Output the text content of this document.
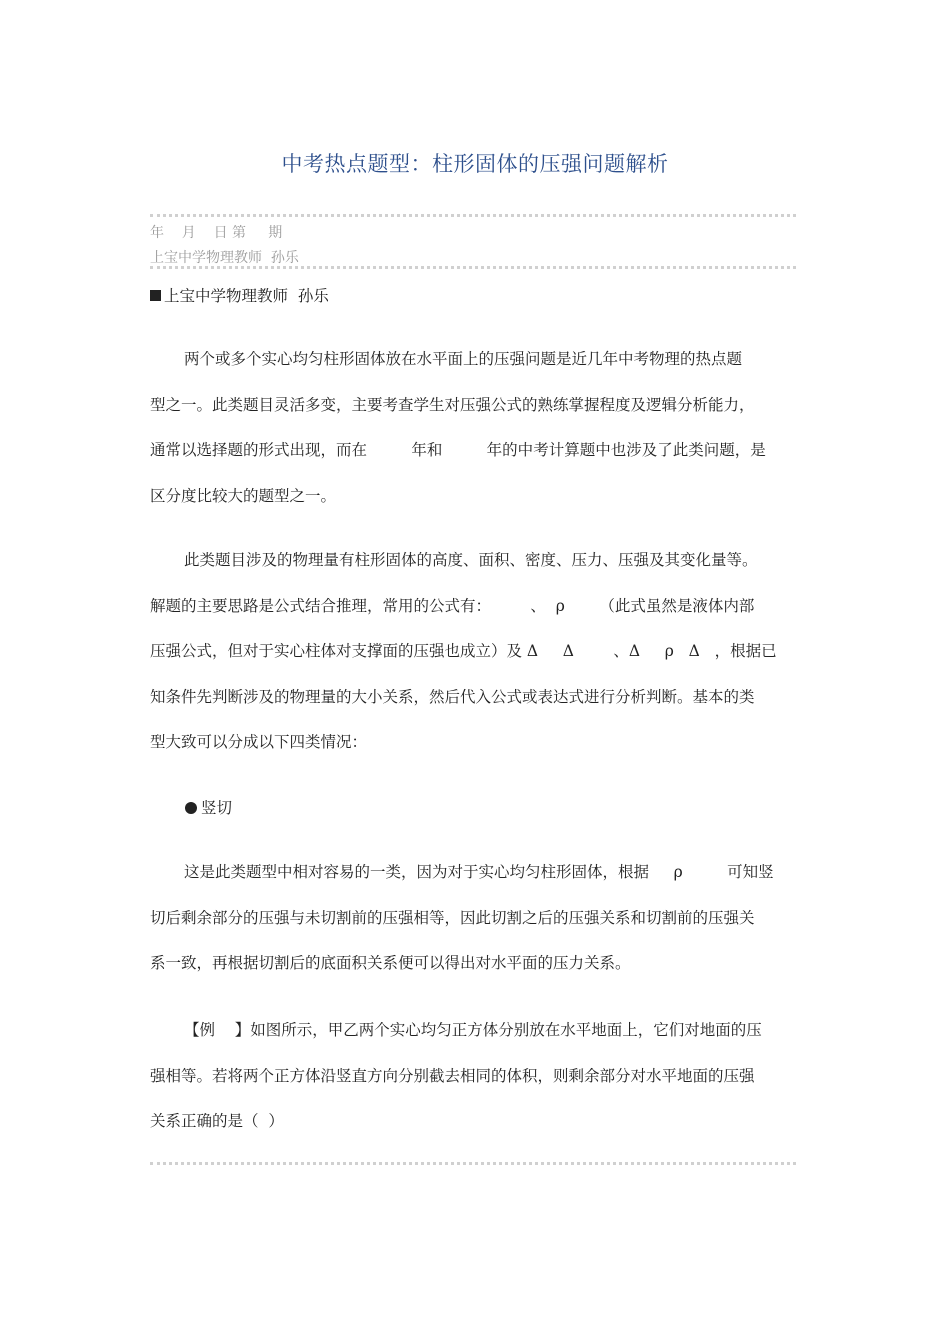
中考热点题型：柱形固体的压强问题解析
年    月    日 第     期
上宝中学物理教师  孙乐
上宝中学物理教师  孙乐
两个或多个实心均匀柱形固体放在水平面上的压强问题是近几年中考物理的热点题
型之一。此类题目灵活多变，主要考查学生对压强公式的熟练掌握程度及逻辑分析能力，
通常以选择题的形式出现，而在         年和         年的中考计算题中也涉及了此类问题，是
区分度比较大的题型之一。
此类题目涉及的物理量有柱形固体的高度、面积、密度、压力、压强及其变化量等。
解题的主要思路是公式结合推理，常用的公式有：        、  ρ       （此式虽然是液体内部
压强公式，但对于实心柱体对支撑面的压强也成立）及 Δ     Δ        、Δ     ρ   Δ   ，根据已
知条件先判断涉及的物理量的大小关系，然后代入公式或表达式进行分析判断。基本的类
型大致可以分成以下四类情况：
竖切
这是此类题型中相对容易的一类，因为对于实心均匀柱形固体，根据     ρ         可知竖
切后剩余部分的压强与未切割前的压强相等，因此切割之后的压强关系和切割前的压强关
系一致，再根据切割后的底面积关系便可以得出对水平面的压力关系。
【例    】如图所示，甲乙两个实心均匀正方体分别放在水平地面上，它们对地面的压
强相等。若将两个正方体沿竖直方向分别截去相同的体积，则剩余部分对水平地面的压强
关系正确的是（  ）
